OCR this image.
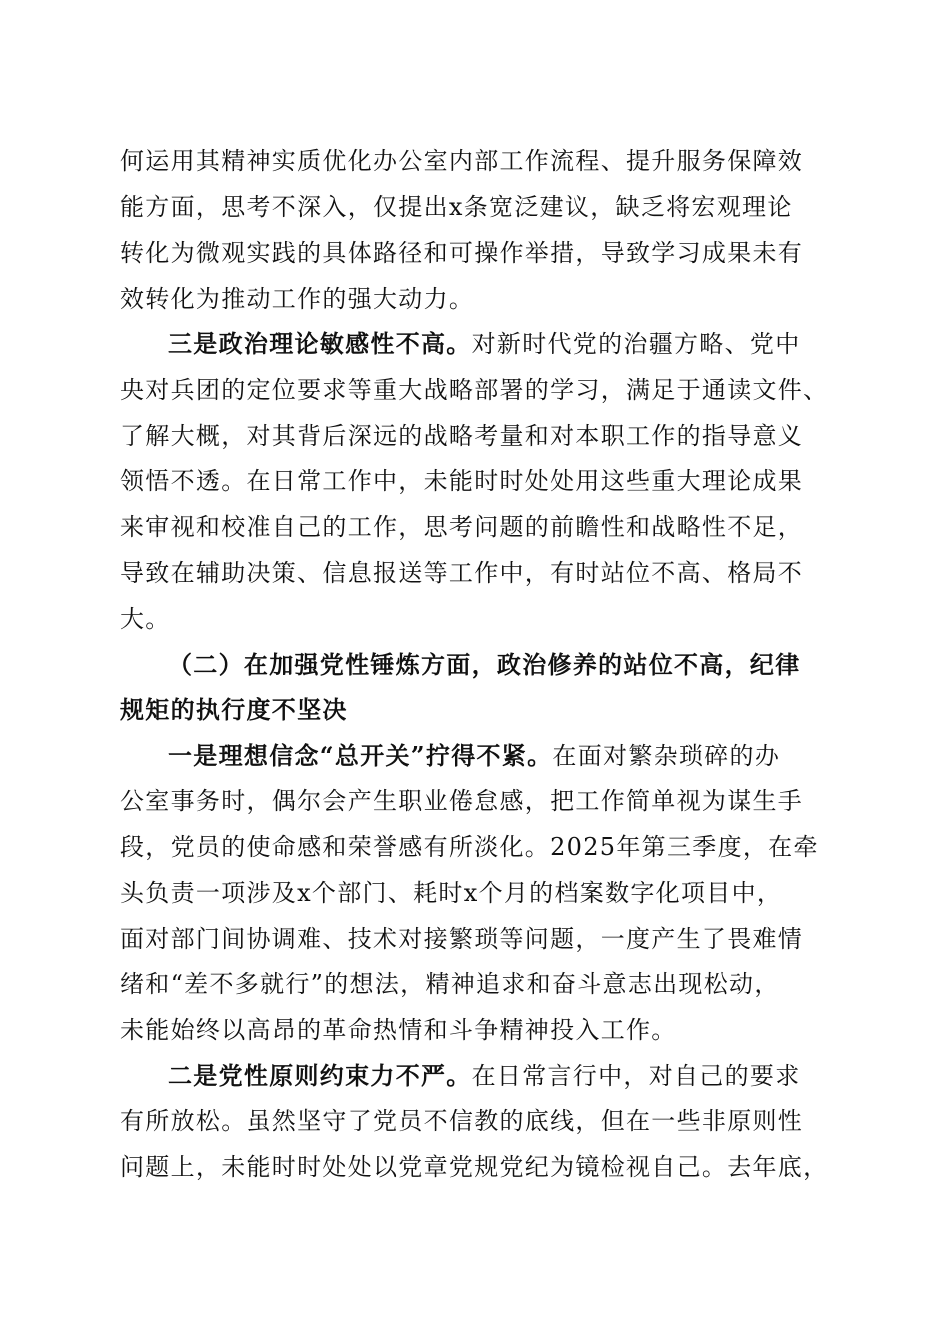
何运用其精神实质优化办公室内部工作流程、提升服务保障效
能方面，思考不深入，仅提出x条宽泛建议，缺乏将宏观理论
转化为微观实践的具体路径和可操作举措，导致学习成果未有
效转化为推动工作的强大动力。
三是政治理论敏感性不高。对新时代党的治疆方略、党中
央对兵团的定位要求等重大战略部署的学习，满足于通读文件、
了解大概，对其背后深远的战略考量和对本职工作的指导意义
领悟不透。在日常工作中，未能时时处处用这些重大理论成果
来审视和校准自己的工作，思考问题的前瞻性和战略性不足，
导致在辅助决策、信息报送等工作中，有时站位不高、格局不
大。
（二）在加强党性锤炼方面，政治修养的站位不高，纪律
规矩的执行度不坚决
一是理想信念“总开关”拧得不紧。在面对繁杂琐碎的办
公室事务时，偶尔会产生职业倦怠感，把工作简单视为谋生手
段，党员的使命感和荣誉感有所淡化。2025年第三季度，在牵
头负责一项涉及x个部门、耗时x个月的档案数字化项目中，
面对部门间协调难、技术对接繁琐等问题，一度产生了畏难情
绪和“差不多就行”的想法，精神追求和奋斗意志出现松动，
未能始终以高昂的革命热情和斗争精神投入工作。
二是党性原则约束力不严。在日常言行中，对自己的要求
有所放松。虽然坚守了党员不信教的底线，但在一些非原则性
问题上，未能时时处处以党章党规党纪为镜检视自己。去年底，
